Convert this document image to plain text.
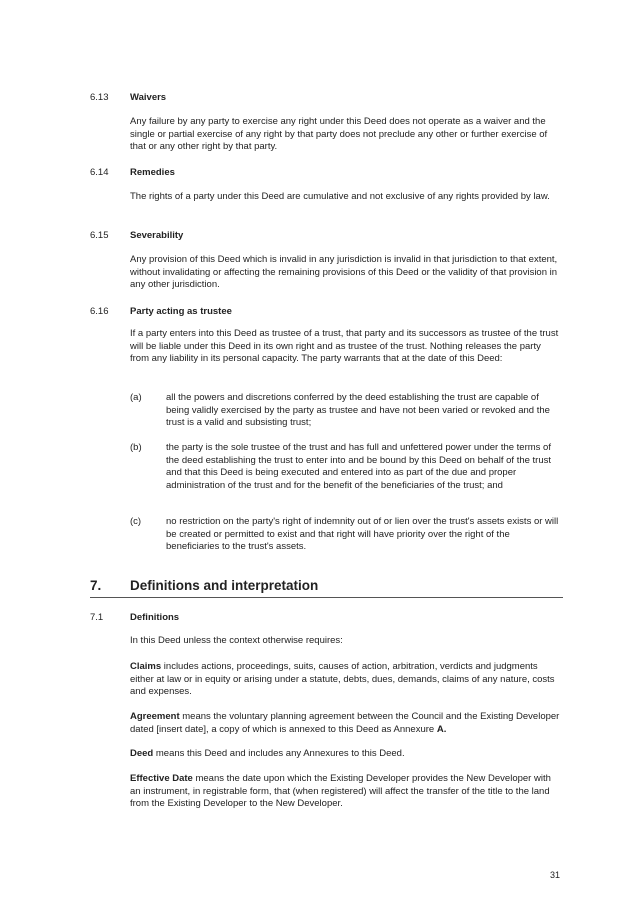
6.13 Waivers

Any failure by any party to exercise any right under this Deed does not operate as a waiver and the single or partial exercise of any right by that party does not preclude any other or further exercise of that or any other right by that party.

6.14 Remedies

The rights of a party under this Deed are cumulative and not exclusive of any rights provided by law.

6.15 Severability

Any provision of this Deed which is invalid in any jurisdiction is invalid in that jurisdiction to that extent, without invalidating or affecting the remaining provisions of this Deed or the validity of that provision in any other jurisdiction.

6.16 Party acting as trustee

If a party enters into this Deed as trustee of a trust, that party and its successors as trustee of the trust will be liable under this Deed in its own right and as trustee of the trust. Nothing releases the party from any liability in its personal capacity. The party warrants that at the date of this Deed:

(a)	all the powers and discretions conferred by the deed establishing the trust are capable of being validly exercised by the party as trustee and have not been varied or revoked and the trust is a valid and subsisting trust;

(b)	the party is the sole trustee of the trust and has full and unfettered power under the terms of the deed establishing the trust to enter into and be bound by this Deed on behalf of the trust and that this Deed is being executed and entered into as part of the due and proper administration of the trust and for the benefit of the beneficiaries of the trust; and

(c)	no restriction on the party's right of indemnity out of or lien over the trust's assets exists or will be created or permitted to exist and that right will have priority over the right of the beneficiaries to the trust's assets.

7. Definitions and interpretation
7.1	Definitions

In this Deed unless the context otherwise requires:

Claims includes actions, proceedings, suits, causes of action, arbitration, verdicts and judgments either at law or in equity or arising under a statute, debts, dues, demands, claims of any nature, costs and expenses.

Agreement means the voluntary planning agreement between the Council and the Existing Developer dated [insert date], a copy of which is annexed to this Deed as Annexure A.

Deed means this Deed and includes any Annexures to this Deed.

Effective Date means the date upon which the Existing Developer provides the New Developer with an instrument, in registrable form, that (when registered) will affect the transfer of the title to the land from the Existing Developer to the New Developer.

31
